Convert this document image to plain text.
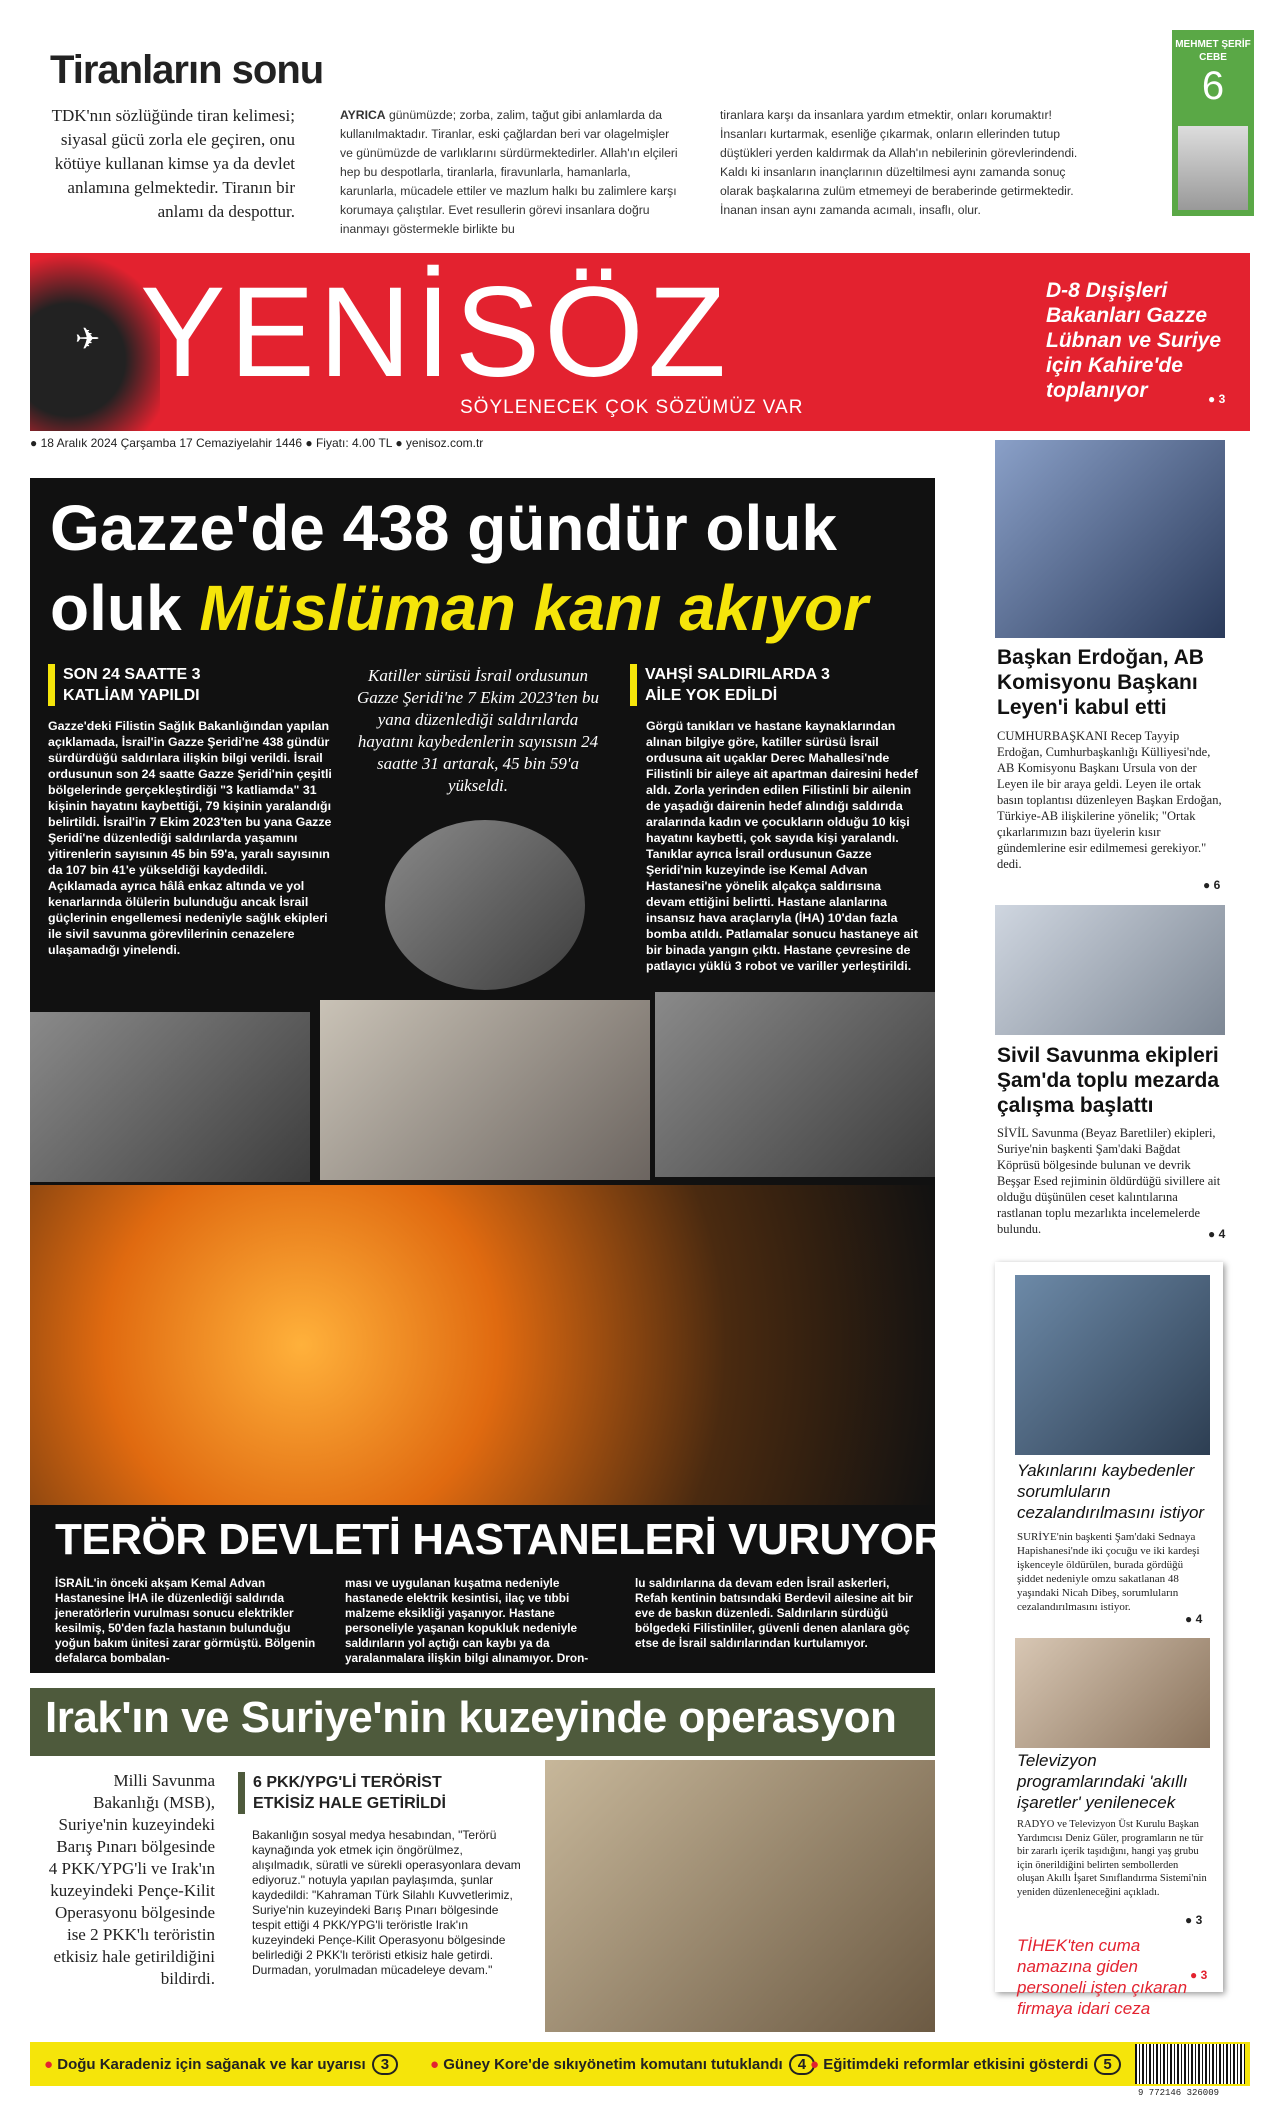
Tiranların sonu
TDK'nın sözlüğünde tiran kelimesi; siyasal gücü zorla ele geçiren, onu kötüye kullanan kimse ya da devlet anlamına gelmektedir. Tiranın bir anlamı da despottur.
AYRICA günümüzde; zorba, zalim, tağut gibi anlamlarda da kullanılmaktadır. Tiranlar, eski çağlardan beri var olagelmişler ve günümüzde de varlıklarını sürdürmektedirler. Allah'ın elçileri hep bu despotlarla, tiranlarla, firavunlarla, hamanlarla, karunlarla, mücadele ettiler ve mazlum halkı bu zalimlere karşı korumaya çalıştılar. Evet resullerin görevi insanlara doğru inanmayı göstermekle birlikte bu
tiranlara karşı da insanlara yardım etmektir, onları korumaktır! İnsanları kurtarmak, esenliğe çıkarmak, onların ellerinden tutup düştükleri yerden kaldırmak da Allah'ın nebilerinin görevlerindendi. Kaldı ki insanların inançlarının düzeltilmesi aynı zamanda sonuç olarak başkalarına zulüm etmemeyi de beraberinde getirmektedir. İnanan insan aynı zamanda acımalı, insaflı, olur.
MEHMET ŞERİF CEBE
6
✈ YENİSÖZ
SÖYLENECEK ÇOK SÖZÜMÜZ VAR
D-8 Dışişleri Bakanları Gazze Lübnan ve Suriye için Kahire'de toplanıyor	● 3
● 18 Aralık 2024 Çarşamba 17 Cemaziyelahir 1446 ● Fiyatı: 4.00 TL ● yenisoz.com.tr
Gazze'de 438 gündür oluk
oluk Müslüman kanı akıyor
SON 24 SAATTE 3 KATLİAM YAPILDI
Gazze'deki Filistin Sağlık Bakanlığından yapılan açıklamada, İsrail'in Gazze Şeridi'ne 438 gündür sürdürdüğü saldırılara ilişkin bilgi verildi. İsrail ordusunun son 24 saatte Gazze Şeridi'nin çeşitli bölgelerinde gerçekleştirdiği "3 katliamda" 31 kişinin hayatını kaybettiği, 79 kişinin yaralandığı belirtildi. İsrail'in 7 Ekim 2023'ten bu yana Gazze Şeridi'ne düzenlediği saldırılarda yaşamını yitirenlerin sayısının 45 bin 59'a, yaralı sayısının da 107 bin 41'e yükseldiği kaydedildi. Açıklamada ayrıca hâlâ enkaz altında ve yol kenarlarında ölülerin bulunduğu ancak İsrail güçlerinin engellemesi nedeniyle sağlık ekipleri ile sivil savunma görevlilerinin cenazelere ulaşamadığı yinelendi.
Katiller sürüsü İsrail ordusunun Gazze Şeridi'ne 7 Ekim 2023'ten bu yana düzenlediği saldırılarda hayatını kaybedenlerin sayısısın 24 saatte 31 artarak, 45 bin 59'a yükseldi.
VAHŞİ SALDIRILARDA 3 AİLE YOK EDİLDİ
Görgü tanıkları ve hastane kaynaklarından alınan bilgiye göre, katiller sürüsü İsrail ordusuna ait uçaklar Derec Mahallesi'nde Filistinli bir aileye ait apartman dairesini hedef aldı. Zorla yerinden edilen Filistinli bir ailenin de yaşadığı dairenin hedef alındığı saldırıda aralarında kadın ve çocukların olduğu 10 kişi hayatını kaybetti, çok sayıda kişi yaralandı. Tanıklar ayrıca İsrail ordusunun Gazze Şeridi'nin kuzeyinde ise Kemal Advan Hastanesi'ne yönelik alçakça saldırısına devam ettiğini belirtti. Hastane alanlarına insansız hava araçlarıyla (İHA) 10'dan fazla bomba atıldı. Patlamalar sonucu hastaneye ait bir binada yangın çıktı. Hastane çevresine de patlayıcı yüklü 3 robot ve variller yerleştirildi.
TERÖR DEVLETİ HASTANELERİ VURUYOR
İSRAİL'in önceki akşam Kemal Advan Hastanesine İHA ile düzenlediği saldırıda jeneratörlerin vurulması sonucu elektrikler kesilmiş, 50'den fazla hastanın bulunduğu yoğun bakım ünitesi zarar görmüştü. Bölgenin defalarca bombalan-
ması ve uygulanan kuşatma nedeniyle hastanede elektrik kesintisi, ilaç ve tıbbi malzeme eksikliği yaşanıyor. Hastane personeliyle yaşanan kopukluk nedeniyle saldırıların yol açtığı can kaybı ya da yaralanmalara ilişkin bilgi alınamıyor. Dron-
lu saldırılarına da devam eden İsrail askerleri, Refah kentinin batısındaki Berdevil ailesine ait bir eve de baskın düzenledi. Saldırıların sürdüğü bölgedeki Filistinliler, güvenli denen alanlara göç etse de İsrail saldırılarından kurtulamıyor.
Başkan Erdoğan, AB Komisyonu Başkanı Leyen'i kabul etti
CUMHURBAŞKANI Recep Tayyip Erdoğan, Cumhurbaşkanlığı Külliyesi'nde, AB Komisyonu Başkanı Ursula von der Leyen ile bir araya geldi. Leyen ile ortak basın toplantısı düzenleyen Başkan Erdoğan, Türkiye-AB ilişkilerine yönelik; "Ortak çıkarlarımızın bazı üyelerin kısır gündemlerine esir edilmemesi gerekiyor." dedi.
● 6
Sivil Savunma ekipleri Şam'da toplu mezarda çalışma başlattı
SİVİL Savunma (Beyaz Baretliler) ekipleri, Suriye'nin başkenti Şam'daki Bağdat Köprüsü bölgesinde bulunan ve devrik Beşşar Esed rejiminin öldürdüğü sivillere ait olduğu düşünülen ceset kalıntılarına rastlanan toplu mezarlıkta incelemelerde bulundu.	● 4
Yakınlarını kaybedenler sorumluların cezalandırılmasını istiyor
SURİYE'nin başkenti Şam'daki Sednaya Hapishanesi'nde iki çocuğu ve iki kardeşi işkenceyle öldürülen, burada gördüğü şiddet nedeniyle omzu sakatlanan 48 yaşındaki Nicah Dibeş, sorumluların cezalandırılmasını istiyor.
● 4
Televizyon programlarındaki 'akıllı işaretler' yenilenecek
RADYO ve Televizyon Üst Kurulu Başkan Yardımcısı Deniz Güler, programların ne tür bir zararlı içerik taşıdığını, hangi yaş grubu için önerildiğini belirten sembollerden oluşan Akıllı İşaret Sınıflandırma Sistemi'nin yeniden düzenleneceğini açıkladı.
● 3
TİHEK'ten cuma namazına giden personeli işten çıkaran firmaya idari ceza
● 3
Irak'ın ve Suriye'nin kuzeyinde operasyon
Milli Savunma Bakanlığı (MSB), Suriye'nin kuzeyindeki Barış Pınarı bölgesinde 4 PKK/YPG'li ve Irak'ın kuzeyindeki Pençe-Kilit Operasyonu bölgesinde ise 2 PKK'lı teröristin etkisiz hale getirildiğini bildirdi.
6 PKK/YPG'Lİ TERÖRİST ETKİSİZ HALE GETİRİLDİ
Bakanlığın sosyal medya hesabından, "Terörü kaynağında yok etmek için öngörülmez, alışılmadık, süratli ve sürekli operasyonlara devam ediyoruz." notuyla yapılan paylaşımda, şunlar kaydedildi: "Kahraman Türk Silahlı Kuvvetlerimiz, Suriye'nin kuzeyindeki Barış Pınarı bölgesinde tespit ettiği 4 PKK/YPG'li teröristle Irak'ın kuzeyindeki Pençe-Kilit Operasyonu bölgesinde belirlediği 2 PKK'lı teröristi etkisiz hale getirdi. Durmadan, yorulmadan mücadeleye devam."
● Doğu Karadeniz için sağanak ve kar uyarısı 3	● Güney Kore'de sıkıyönetim komutanı tutuklandı 4 ● Eğitimdeki reformlar etkisini gösterdi 5
9 772146 326009
